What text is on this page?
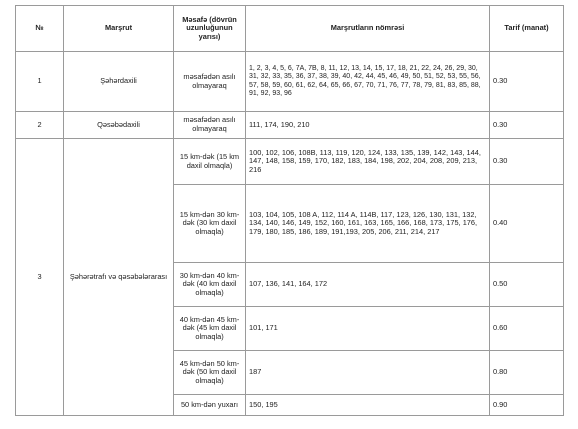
№	Marşrut	Məsafə (dövrün uzunluğunun yarısı)	Marşrutların nömrəsi	Tarif (manat)
1	Şəhərdaxili	məsafədən asılı olmayaraq	1, 2, 3, 4, 5, 6, 7A, 7B, 8, 11, 12, 13, 14, 15, 17, 18, 21, 22, 24, 26, 29, 30, 31, 32, 33, 35, 36, 37, 38, 39, 40, 42, 44, 45, 46, 49, 50, 51, 52, 53, 55, 56, 57, 58, 59, 60, 61, 62, 64, 65, 66, 67, 70, 71, 76, 77, 78, 79, 81, 83, 85, 88, 91, 92, 93, 96	0.30
2	Qəsəbədaxili	məsafədən asılı olmayaraq	111, 174, 190, 210	0.30
3	Şəhərətrafı və qəsəbələrarası	15 km-dək (15 km daxil olmaqla)	100, 102, 106, 108B, 113, 119, 120, 124, 133, 135, 139, 142, 143, 144, 147, 148, 158, 159, 170, 182, 183, 184, 198, 202, 204, 208, 209, 213, 216	0.30
		15 km-dən 30 km-dək (30 km daxil olmaqla)	103, 104, 105, 108 A, 112, 114 A, 114B, 117, 123, 126, 130, 131, 132, 134, 140, 146, 149, 152, 160, 161, 163, 165, 166, 168, 173, 175, 176, 179, 180, 185, 186, 189, 191,193, 205, 206, 211, 214, 217	0.40
		30 km-dən 40 km-dək (40 km daxil olmaqla)	107, 136, 141, 164, 172	0.50
		40 km-dən 45 km-dək (45 km daxil olmaqla)	101, 171	0.60
		45 km-dən 50 km-dək (50 km daxil olmaqla)	187	0.80
		50 km-dən yuxarı	150, 195	0.90
